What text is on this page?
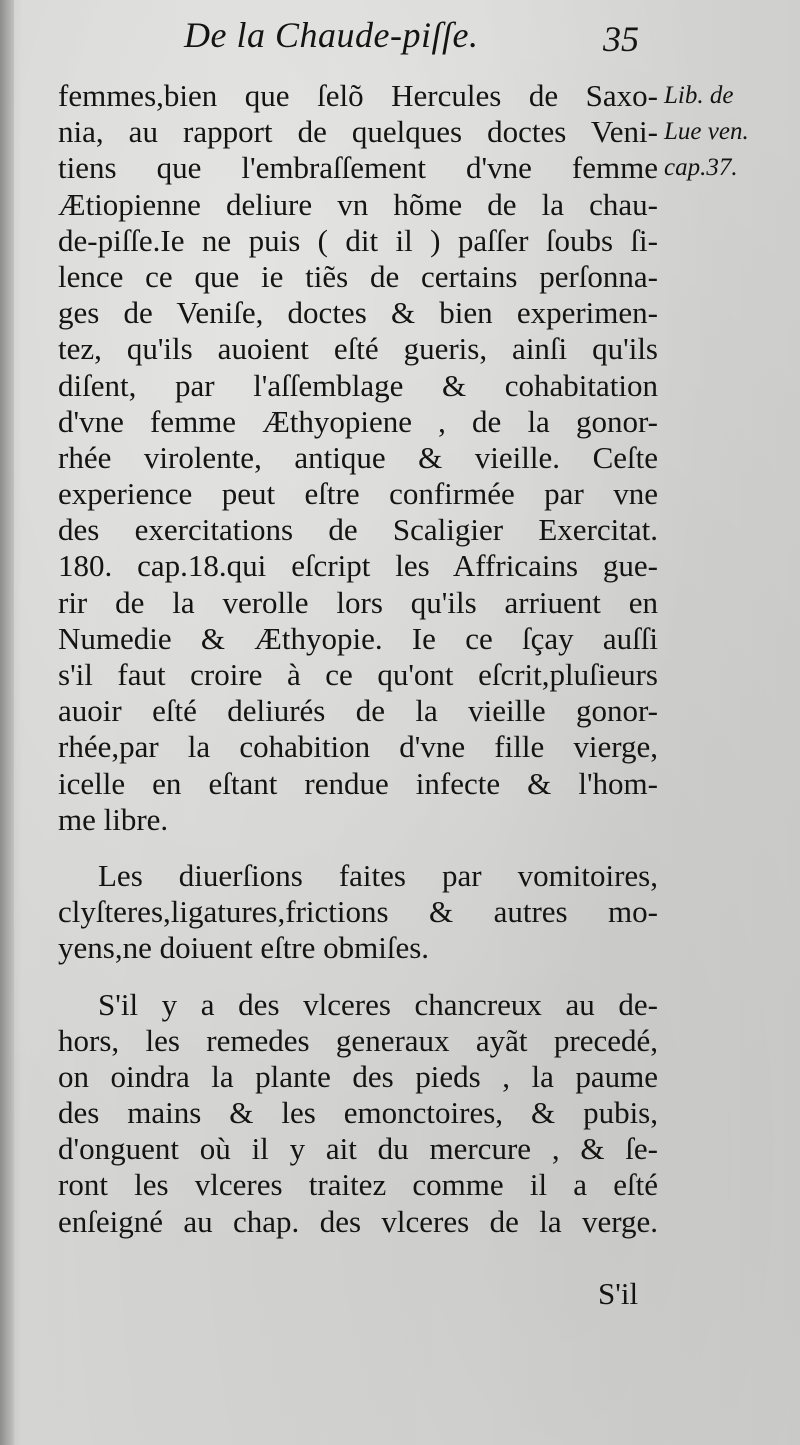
De la Chaude-piſſe.	35
Lib. de
Lue ven.
cap.37.
femmes,bien que ſelõ Hercules de Saxo-
nia, au rapport de quelques doctes Veni-
tiens que l'embraſſement d'vne femme
Ætiopienne deliure vn hõme de la chau-
de-piſſe.Ie ne puis ( dit il ) paſſer ſoubs ſi-
lence ce que ie tiẽs de certains perſonna-
ges de Veniſe, doctes & bien experimen-
tez, qu'ils auoient eſté gueris, ainſi qu'ils
diſent, par l'aſſemblage & cohabitation
d'vne femme Æthyopiene , de la gonor-
rhée virolente, antique & vieille. Ceſte
experience peut eſtre confirmée par vne
des exercitations de Scaligier Exercitat.
180. cap.18.qui eſcript les Affricains gue-
rir de la verolle lors qu'ils arriuent en
Numedie & Æthyopie. Ie ce ſçay auſſi
s'il faut croire à ce qu'ont eſcrit,pluſieurs
auoir eſté deliurés de la vieille gonor-
rhée,par la cohabition d'vne fille vierge,
icelle en eſtant rendue infecte & l'hom-
me libre.
Les diuerſions faites par vomitoires,
clyſteres,ligatures,frictions & autres mo-
yens,ne doiuent eſtre obmiſes.
S'il y a des vlceres chancreux au de-
hors, les remedes generaux ayãt precedé,
on oindra la plante des pieds , la paume
des mains & les emonctoires, & pubis,
d'onguent où il y ait du mercure , & ſe-
ront les vlceres traitez comme il a eſté
enſeigné au chap. des vlceres de la verge.
S'il
